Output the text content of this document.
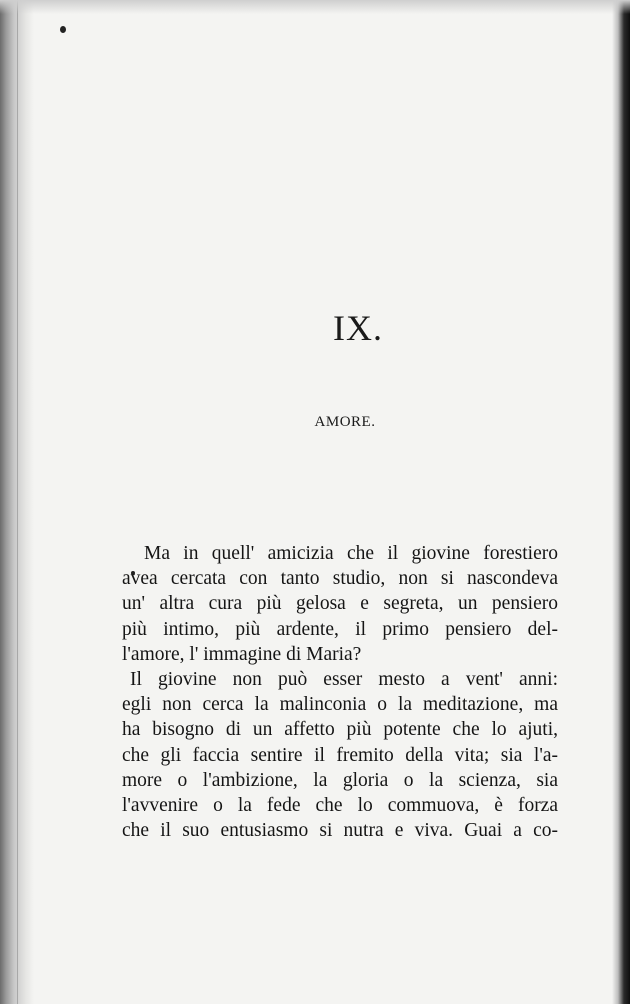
IX.
AMORE.
Ma in quell' amicizia che il giovine forestiero
avea cercata con tanto studio, non si nascondeva
un' altra cura più gelosa e segreta, un pensiero
più intimo, più ardente, il primo pensiero del-
l'amore, l' immagine di Maria?
Il giovine non può esser mesto a vent' anni:
egli non cerca la malinconia o la meditazione, ma
ha bisogno di un affetto più potente che lo ajuti,
che gli faccia sentire il fremito della vita; sia l'a-
more o l'ambizione, la gloria o la scienza, sia
l'avvenire o la fede che lo commuova, è forza
che il suo entusiasmo si nutra e viva. Guai a co-
